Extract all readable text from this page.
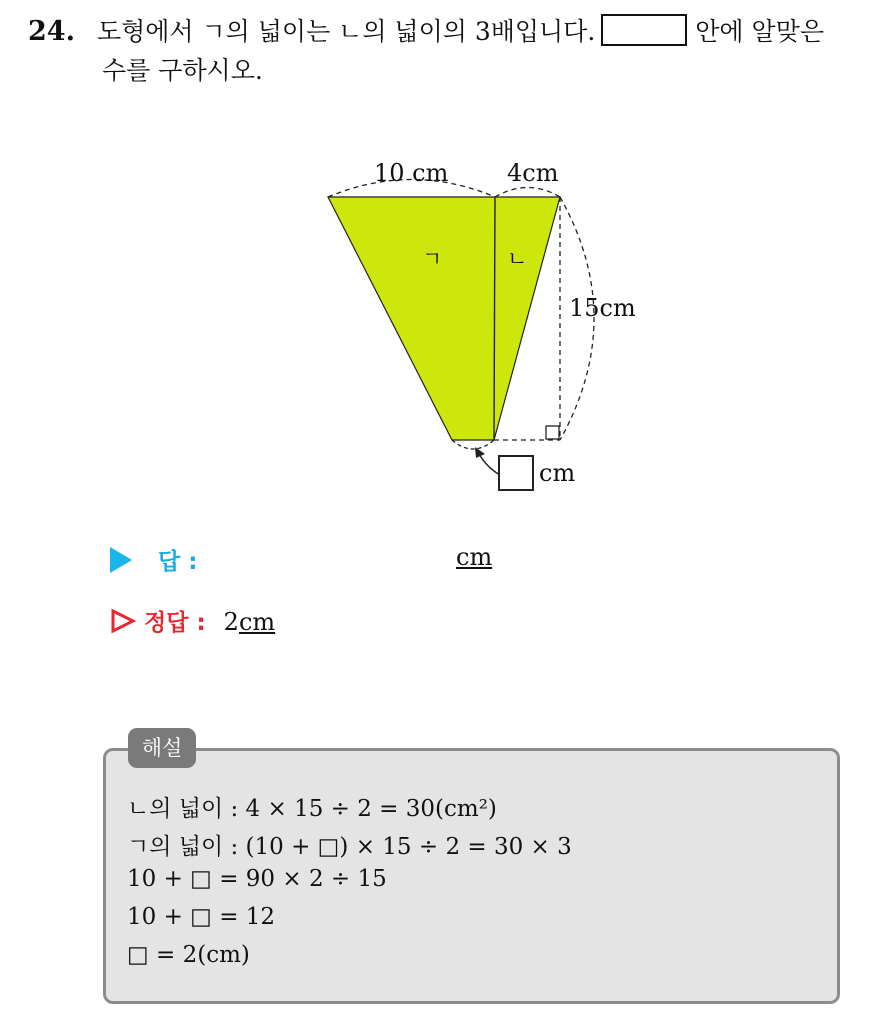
24. 도형에서 ㄱ의 넓이는 ㄴ의 넓이의 3배입니다.	안에 알맞은
수를 구하시오.
10 cm 4cm
15cm
ㄱ	ㄴ
cm
답 :	cm
정답 : 2cm
해설
ㄴ의 넓이 : 4 × 15 ÷ 2 = 30(cm²)
ㄱ의 넓이 : (10 + □) × 15 ÷ 2 = 30 × 3
10 + □ = 90 × 2 ÷ 15
10 + □ = 12
□ = 2(cm)
